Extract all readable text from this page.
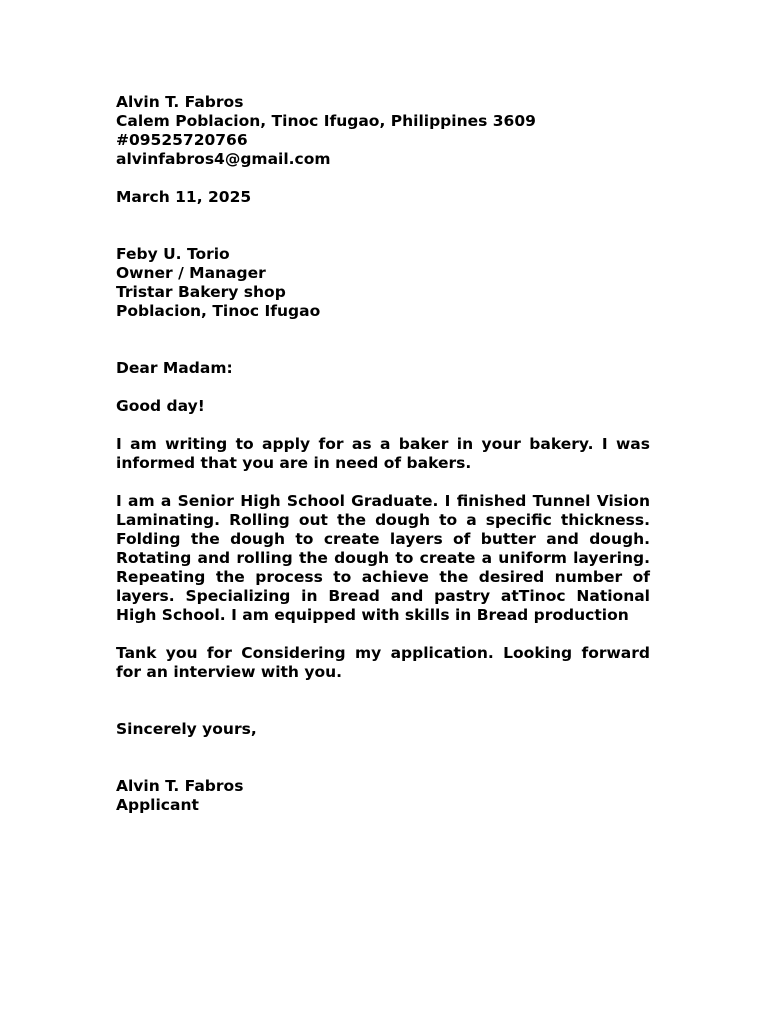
Alvin T. Fabros
Calem Poblacion, Tinoc Ifugao, Philippines 3609
#09525720766
alvinfabros4@gmail.com
March 11, 2025
Feby U. Torio
Owner / Manager
Tristar Bakery shop
Poblacion, Tinoc Ifugao
Dear Madam:
Good day!

I am writing to apply for as a baker in your bakery. I was informed that you are in need of bakers.

I am a Senior High School Graduate. I finished Tunnel Vision Laminating. Rolling out the dough to a specific thickness. Folding the dough to create layers of butter and dough. Rotating and rolling the dough to create a uniform layering. Repeating the process to achieve the desired number of layers. Specializing in Bread and pastry atTinoc National High School. I am equipped with skills in Bread production

Tank you for Considering my application. Looking forward for an interview with you.

Sincerely yours,
Alvin T. Fabros
Applicant
